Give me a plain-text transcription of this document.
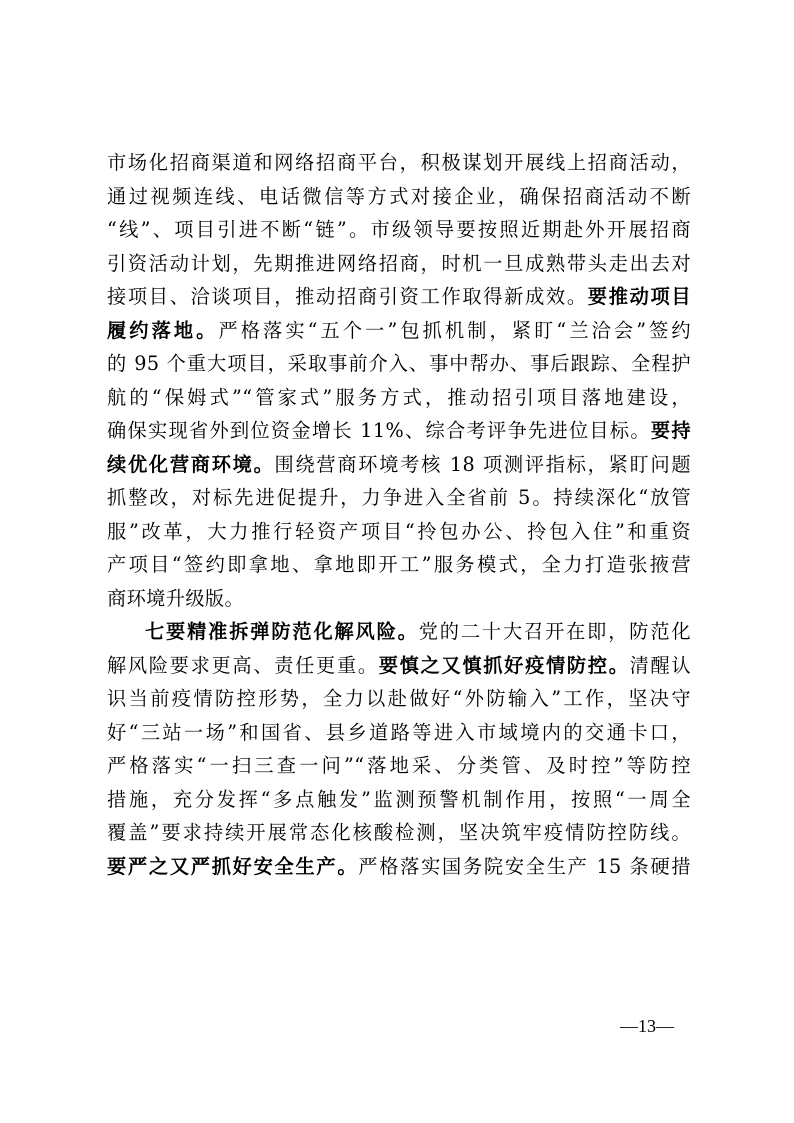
市场化招商渠道和网络招商平台，积极谋划开展线上招商活动，
通过视频连线、电话微信等方式对接企业，确保招商活动不断
“线”、项目引进不断“链”。市级领导要按照近期赴外开展招商
引资活动计划，先期推进网络招商，时机一旦成熟带头走出去对
接项目、洽谈项目，推动招商引资工作取得新成效。要推动项目
履约落地。严格落实“五个一”包抓机制，紧盯“兰洽会”签约
的 95 个重大项目，采取事前介入、事中帮办、事后跟踪、全程护
航的“保姆式”“管家式”服务方式，推动招引项目落地建设，
确保实现省外到位资金增长 11%、综合考评争先进位目标。要持
续优化营商环境。围绕营商环境考核 18 项测评指标，紧盯问题
抓整改，对标先进促提升，力争进入全省前 5。持续深化“放管
服”改革，大力推行轻资产项目“拎包办公、拎包入住”和重资
产项目“签约即拿地、拿地即开工”服务模式，全力打造张掖营
商环境升级版。
七要精准拆弹防范化解风险。党的二十大召开在即，防范化
解风险要求更高、责任更重。要慎之又慎抓好疫情防控。清醒认
识当前疫情防控形势，全力以赴做好“外防输入”工作，坚决守
好“三站一场”和国省、县乡道路等进入市域境内的交通卡口，
严格落实“一扫三查一问”“落地采、分类管、及时控”等防控
措施，充分发挥“多点触发”监测预警机制作用，按照“一周全
覆盖”要求持续开展常态化核酸检测，坚决筑牢疫情防控防线。
要严之又严抓好安全生产。严格落实国务院安全生产 15 条硬措
—13—
